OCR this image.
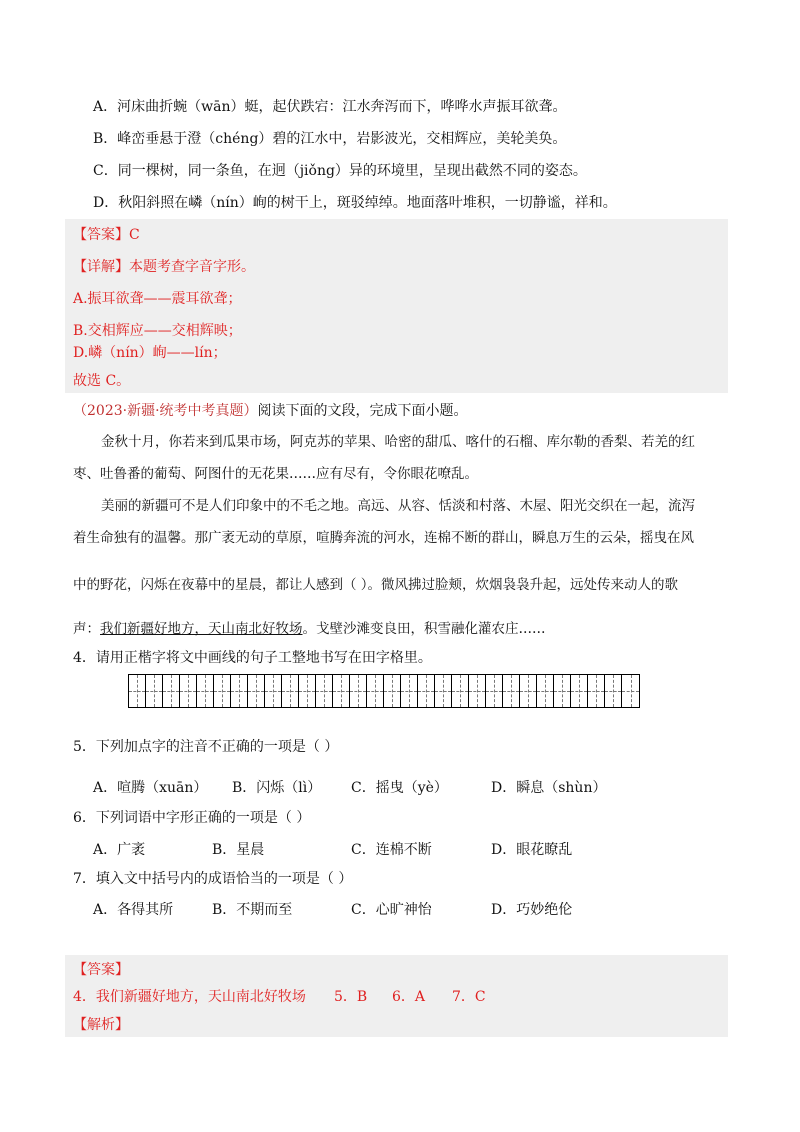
A．河床曲折蜿（wān）蜓，起伏跌宕：江水奔泻而下，哗哗水声振耳欲聋。
B．峰峦垂悬于澄（chéng）碧的江水中，岩影波光，交相辉应，美轮美奂。
C．同一棵树，同一条鱼，在迥（jiǒng）异的环境里，呈现出截然不同的姿态。
D．秋阳斜照在嶙（nín）峋的树干上，斑驳绰绰。地面落叶堆积，一切静谧，祥和。
【答案】C
【详解】本题考查字音字形。
A.振耳欲聋——震耳欲聋；
B.交相辉应——交相辉映；
D.嶙（nín）峋——lín；
故选 C。
（2023·新疆·统考中考真题）阅读下面的文段，完成下面小题。
金秋十月，你若来到瓜果市场，阿克苏的苹果、哈密的甜瓜、喀什的石榴、库尔勒的香梨、若羌的红
枣、吐鲁番的葡萄、阿图什的无花果……应有尽有，令你眼花嘹乱。
美丽的新疆可不是人们印象中的不毛之地。高远、从容、恬淡和村落、木屋、阳光交织在一起，流泻
着生命独有的温馨。那广袤无动的草原，喧腾奔流的河水，连棉不断的群山，瞬息万生的云朵，摇曳在风
中的野花，闪烁在夜幕中的星晨，都让人感到（ ）。微风拂过脸颊，炊烟袅袅升起，远处传来动人的歌
声：我们新疆好地方，天山南北好牧场。戈壁沙滩变良田，积雪融化灌农庄……
4．请用正楷字将文中画线的句子工整地书写在田字格里。
5．下列加点字的注音不正确的一项是（ ）
A．喧腾（xuān） B．闪烁（lì） C．摇曳（yè）	D．瞬息（shùn）
6．下列词语中字形正确的一项是（ ）
A．广袤	B．星晨	C．连棉不断	D．眼花瞭乱
7．填入文中括号内的成语恰当的一项是（ ）
A．各得其所	B．不期而至	C．心旷神怡	D．巧妙绝伦
【答案】
4．我们新疆好地方，天山南北好牧场 5．B 6．A 7．C
【解析】
